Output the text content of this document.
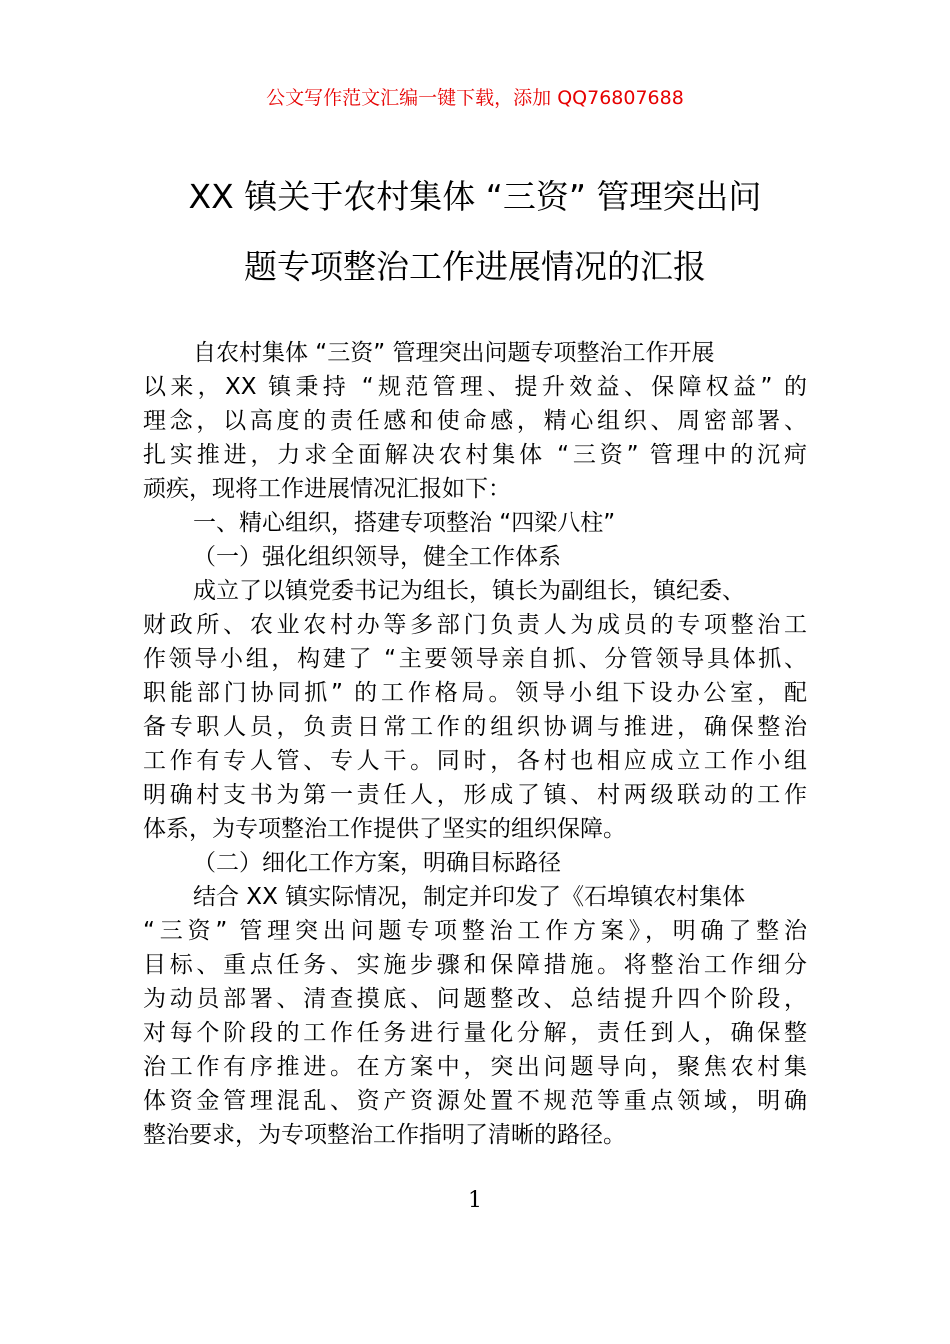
公文写作范文汇编一键下载，添加 QQ76807688
XX 镇关于农村集体 “三资” 管理突出问
题专项整治工作进展情况的汇报
自农村集体 “三资” 管理突出问题专项整治工作开展
以来，XX 镇秉持 “规范管理、提升效益、保障权益” 的
理念，以高度的责任感和使命感，精心组织、周密部署、
扎实推进，力求全面解决农村集体 “三资” 管理中的沉疴
顽疾，现将工作进展情况汇报如下：
一、精心组织，搭建专项整治 “四梁八柱”
（一）强化组织领导，健全工作体系
成立了以镇党委书记为组长，镇长为副组长，镇纪委、
财政所、农业农村办等多部门负责人为成员的专项整治工
作领导小组，构建了 “主要领导亲自抓、分管领导具体抓、
职能部门协同抓” 的工作格局。领导小组下设办公室，配
备专职人员，负责日常工作的组织协调与推进，确保整治
工作有专人管、专人干。同时，各村也相应成立工作小组
明确村支书为第一责任人，形成了镇、村两级联动的工作
体系，为专项整治工作提供了坚实的组织保障。
（二）细化工作方案，明确目标路径
结合 XX 镇实际情况，制定并印发了《石埠镇农村集体
“三资” 管理突出问题专项整治工作方案》，明确了整治
目标、重点任务、实施步骤和保障措施。将整治工作细分
为动员部署、清查摸底、问题整改、总结提升四个阶段，
对每个阶段的工作任务进行量化分解，责任到人，确保整
治工作有序推进。在方案中，突出问题导向，聚焦农村集
体资金管理混乱、资产资源处置不规范等重点领域，明确
整治要求，为专项整治工作指明了清晰的路径。
1
